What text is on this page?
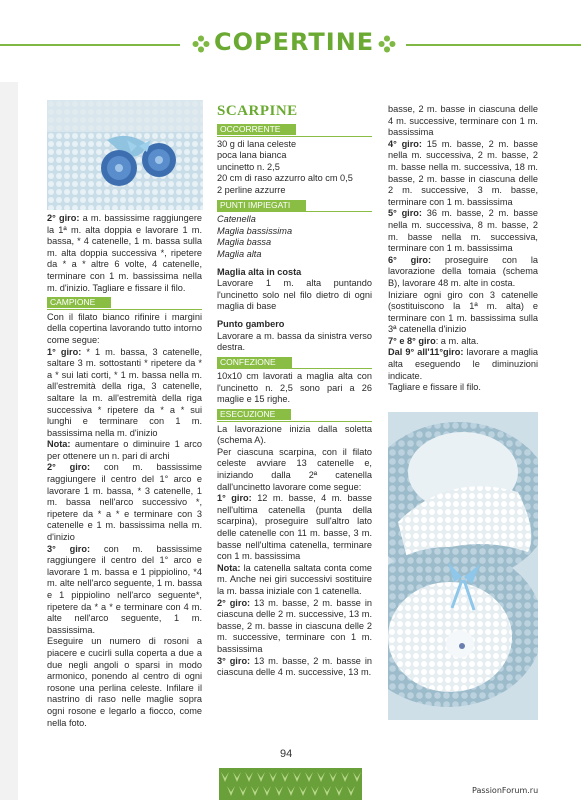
COPERTINE

2° giro: a m. bassissime raggiungere la 1ª m. alta doppia e lavorare 1 m. bassa, * 4 catenelle, 1 m. bassa sulla m. alta doppia successiva *, ripetere da * a * altre 6 volte, 4 catenelle, terminare con 1 m. bassissima nella m. d'inizio. Tagliare e fissare il filo.

CAMPIONE

Con il filato bianco rifinire i margini della copertina lavorando tutto intorno come segue:

1° giro: * 1 m. bassa, 3 catenelle, saltare 3 m. sottostanti * ripetere da * a * sui lati corti, * 1 m. bassa nella m. all'estremità della riga, 3 catenelle, saltare la m. all'estremità della riga successiva * ripetere da * a * sui lunghi e terminare con 1 m. bassissima nella m. d'inizio

Nota: aumentare o diminuire 1 arco per ottenere un n. pari di archi

2° giro: con m. bassissime raggiungere il centro del 1° arco e lavorare 1 m. bassa, * 3 catenelle, 1 m. bassa nell'arco successivo *, ripetere da * a * e terminare con 3 catenelle e 1 m. bassissima nella m. d'inizio

3° giro: con m. bassissime raggiungere il centro del 1° arco e lavorare 1 m. bassa e 1 pippiolino, *4 m. alte nell'arco seguente, 1 m. bassa e 1 pippiolino nell'arco seguente*, ripetere da * a * e terminare con 4 m. alte nell'arco seguente, 1 m. bassissima.

Eseguire un numero di rosoni a piacere e cucirli sulla coperta a due a due negli angoli o sparsi in modo armonico, ponendo al centro di ogni rosone una perlina celeste. Infilare il nastrino di raso nelle maglie sopra ogni rosone e legarlo a fiocco, come nella foto.

SCARPINE
OCCORRENTE
30 g di lana celeste
poca lana bianca
uncinetto n. 2,5
20 cm di raso azzurro alto cm 0,5
2 perline azzurre
PUNTI IMPIEGATI
Catenella
Maglia bassissima
Maglia bassa
Maglia alta
Maglia alta in costa

Lavorare 1 m. alta puntando l'uncinetto solo nel filo dietro di ogni maglia di base

Punto gambero

Lavorare a m. bassa da sinistra verso destra.

CONFEZIONE

10x10 cm lavorati a maglia alta con l'uncinetto n. 2,5 sono pari a 26 maglie e 15 righe.

ESECUZIONE

La lavorazione inizia dalla soletta (schema A).

Per ciascuna scarpina, con il filato celeste avviare 13 catenelle e, iniziando dalla 2ª catenella dall'uncinetto lavorare come segue:

1° giro: 12 m. basse, 4 m. basse nell'ultima catenella (punta della scarpina), proseguire sull'altro lato delle catenelle con 11 m. basse, 3 m. basse nell'ultima catenella, terminare con 1 m. bassissima

Nota: la catenella saltata conta come m. Anche nei giri successivi sostituire la m. bassa iniziale con 1 catenella.

2° giro: 13 m. basse, 2 m. basse in ciascuna delle 2 m. successive, 13 m. basse, 2 m. basse in ciascuna delle 2 m. successive, terminare con 1 m. bassissima

3° giro: 13 m. basse, 2 m. basse in ciascuna delle 4 m. successive, 13 m.

basse, 2 m. basse in ciascuna delle 4 m. successive, terminare con 1 m. bassissima

4° giro: 15 m. basse, 2 m. basse nella m. successiva, 2 m. basse, 2 m. basse nella m. successiva, 18 m. basse, 2 m. basse in ciascuna delle 2 m. successive, 3 m. basse, terminare con 1 m. bassissima

5° giro: 36 m. basse, 2 m. basse nella m. successiva, 8 m. basse, 2 m. basse nella m. successiva, terminare con 1 m. bassissima

6° giro: proseguire con la lavorazione della tomaia (schema B), lavorare 48 m. alte in costa.

Iniziare ogni giro con 3 catenelle (sostituiscono la 1ª m. alta) e terminare con 1 m. bassissima sulla 3ª catenella d'inizio

7° e 8° giro: a m. alta.

Dal 9° all'11°giro: lavorare a maglia alta eseguendo le diminuzioni indicate.

Tagliare e fissare il filo.

94
PassionForum.ru
